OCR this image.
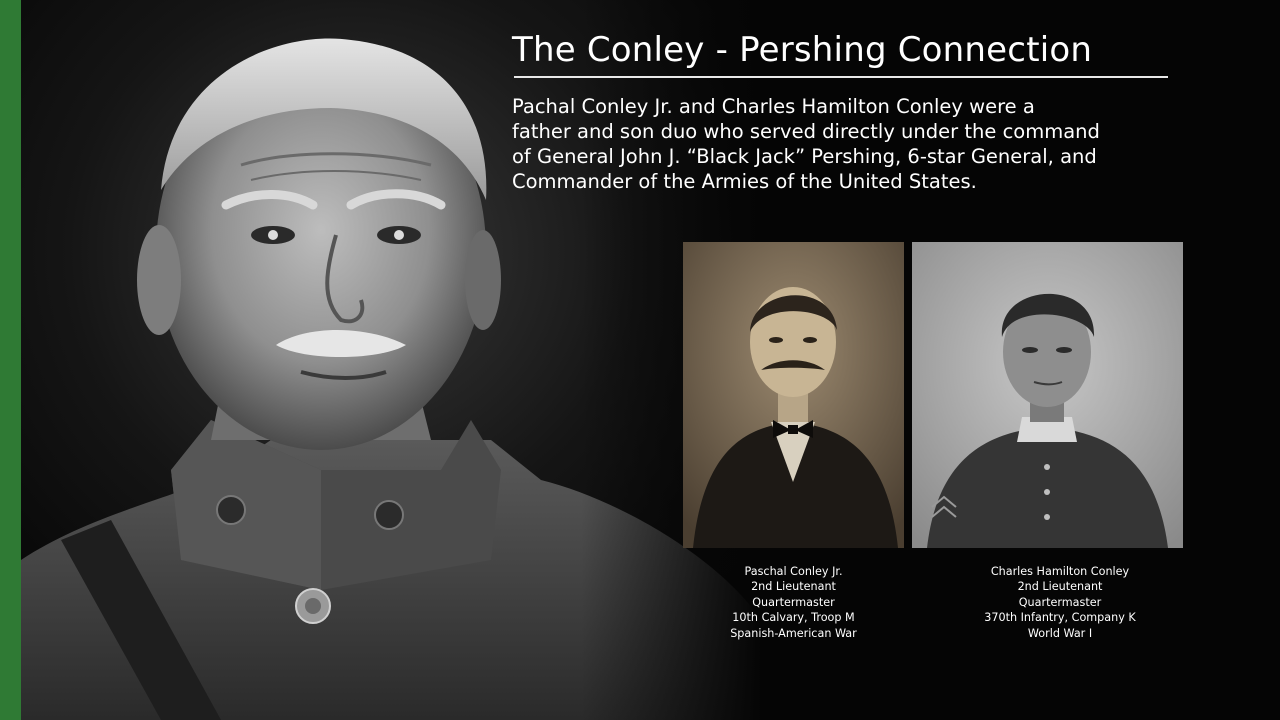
The Conley - Pershing Connection
Pachal Conley Jr. and Charles Hamilton Conley were a
father and son duo who served directly under the command
of General John J. “Black Jack” Pershing, 6-star General, and
Commander of the Armies of the United States.
Paschal Conley Jr.
2nd Lieutenant
Quartermaster
10th Calvary, Troop M
Spanish-American War
Charles Hamilton Conley
2nd Lieutenant
Quartermaster
370th Infantry, Company K
World War I
